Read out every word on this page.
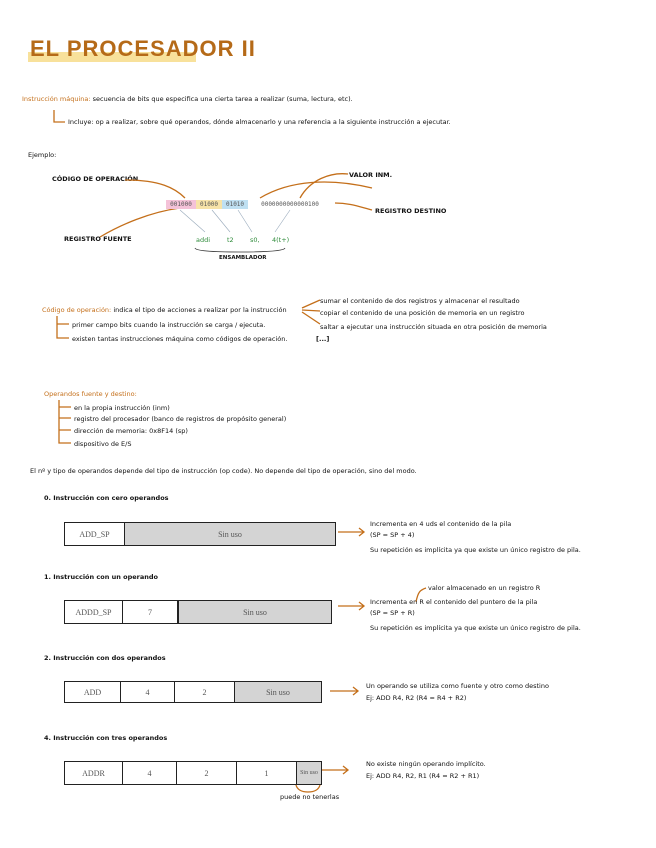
EL PROCESADOR II
Instrucción máquina: secuencia de bits que especifica una cierta tarea a realizar (suma, lectura, etc).
Incluye: op a realizar, sobre qué operandos, dónde almacenarlo y una referencia a la siguiente instrucción a ejecutar.
Ejemplo:
CÓDIGO DE OPERACIÓN	VALOR INM.
REGISTRO DESTINO
REGISTRO FUENTE
001000	01000	01010	0000000000000100
addi	t2	s0, 4(t+)
ENSAMBLADOR
Código de operación: indica el tipo de acciones a realizar por la instrucción
primer campo bits cuando la instrucción se carga / ejecuta.
existen tantas instrucciones máquina como códigos de operación.
sumar el contenido de dos registros y almacenar el resultado
copiar el contenido de una posición de memoria en un registro
saltar a ejecutar una instrucción situada en otra posición de memoria
[...]
Operandos fuente y destino:
en la propia instrucción (inm)
registro del procesador (banco de registros de propósito general)
dirección de memoria: 0x8F14 (sp)
dispositivo de E/S
El nº y tipo de operandos depende del tipo de instrucción (op code). No depende del tipo de operación, sino del modo.
0. Instrucción con cero operandos
ADD_SP	Sin uso
Incrementa en 4 uds el contenido de la pila
(SP = SP + 4)
Su repetición es implícita ya que existe un único registro de pila.
1. Instrucción con un operando
ADDD_SP	7	Sin uso
valor almacenado en un registro R
Incrementa en R el contenido del puntero de la pila
(SP = SP + R)
Su repetición es implícita ya que existe un único registro de pila.
2. Instrucción con dos operandos
ADD	4	2	Sin uso
Un operando se utiliza como fuente y otro como destino
Ej: ADD R4, R2 (R4 = R4 + R2)
4. Instrucción con tres operandos
ADDR	4	2	1	Sin uso
No existe ningún operando implícito.
Ej: ADD R4, R2, R1 (R4 = R2 + R1)
puede no tenerlas
